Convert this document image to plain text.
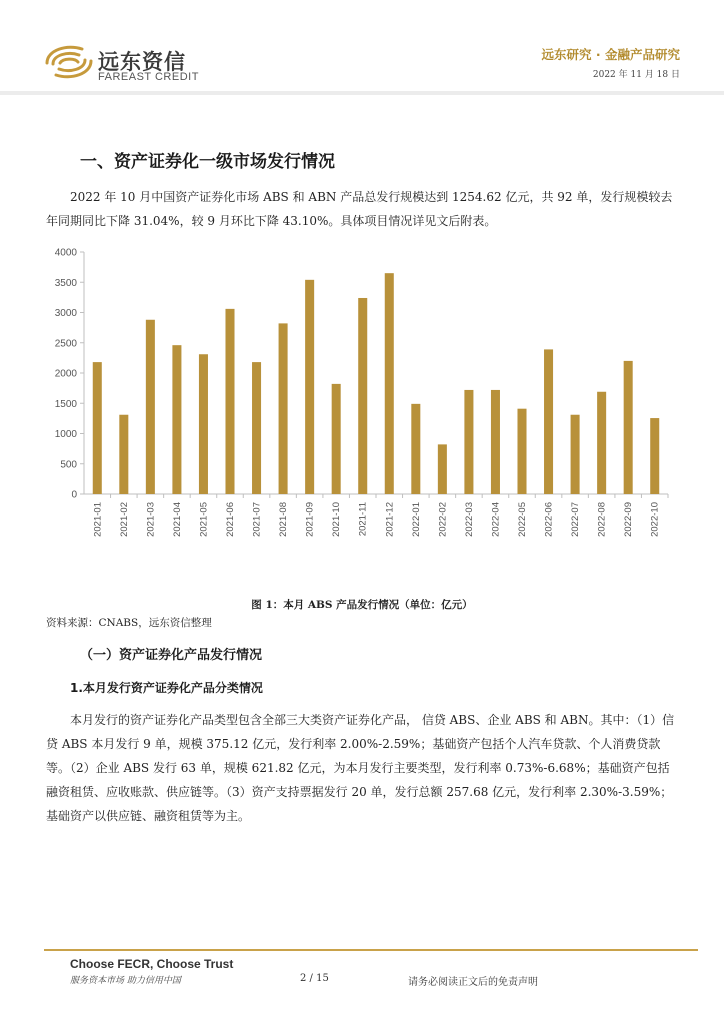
远东资信
FAREAST CREDIT
远东研究 · 金融产品研究
2022 年 11 月 18 日
一、资产证券化一级市场发行情况

2022 年 10 月中国资产证券化市场 ABS 和 ABN 产品总发行规模达到 1254.62 亿元，共 92 单，发行规模较去年同期同比下降 31.04%，较 9 月环比下降 43.10%。具体项目情况详见文后附表。

0
500
1000
1500
2000
2500
3000
3500
4000
2021-01 2021-02 2021-03 2021-04 2021-05 2021-06 2021-07 2021-08 2021-09 2021-10 2021-11 2021-12 2022-01 2022-02 2022-03 2022-04 2022-05 2022-06 2022-07 2022-08 2022-09 2022-10
图 1：本月 ABS 产品发行情况（单位：亿元）
资料来源：CNABS，远东资信整理
（一）资产证券化产品发行情况
1.本月发行资产证券化产品分类情况

本月发行的资产证券化产品类型包含全部三大类资产证券化产品， 信贷 ABS、企业 ABS 和 ABN。其中：（1）信贷 ABS 本月发行 9 单，规模 375.12 亿元，发行利率 2.00%-2.59%；基础资产包括个人汽车贷款、个人消费贷款等。（2）企业 ABS 发行 63 单，规模 621.82 亿元，为本月发行主要类型，发行利率 0.73%-6.68%；基础资产包括融资租赁、应收账款、供应链等。（3）资产支持票据发行 20 单，发行总额 257.68 亿元，发行利率 2.30%-3.59%；基础资产以供应链、融资租赁等为主。

Choose FECR, Choose Trust
服务资本市场 助力信用中国	2 / 15	请务必阅读正文后的免责声明
